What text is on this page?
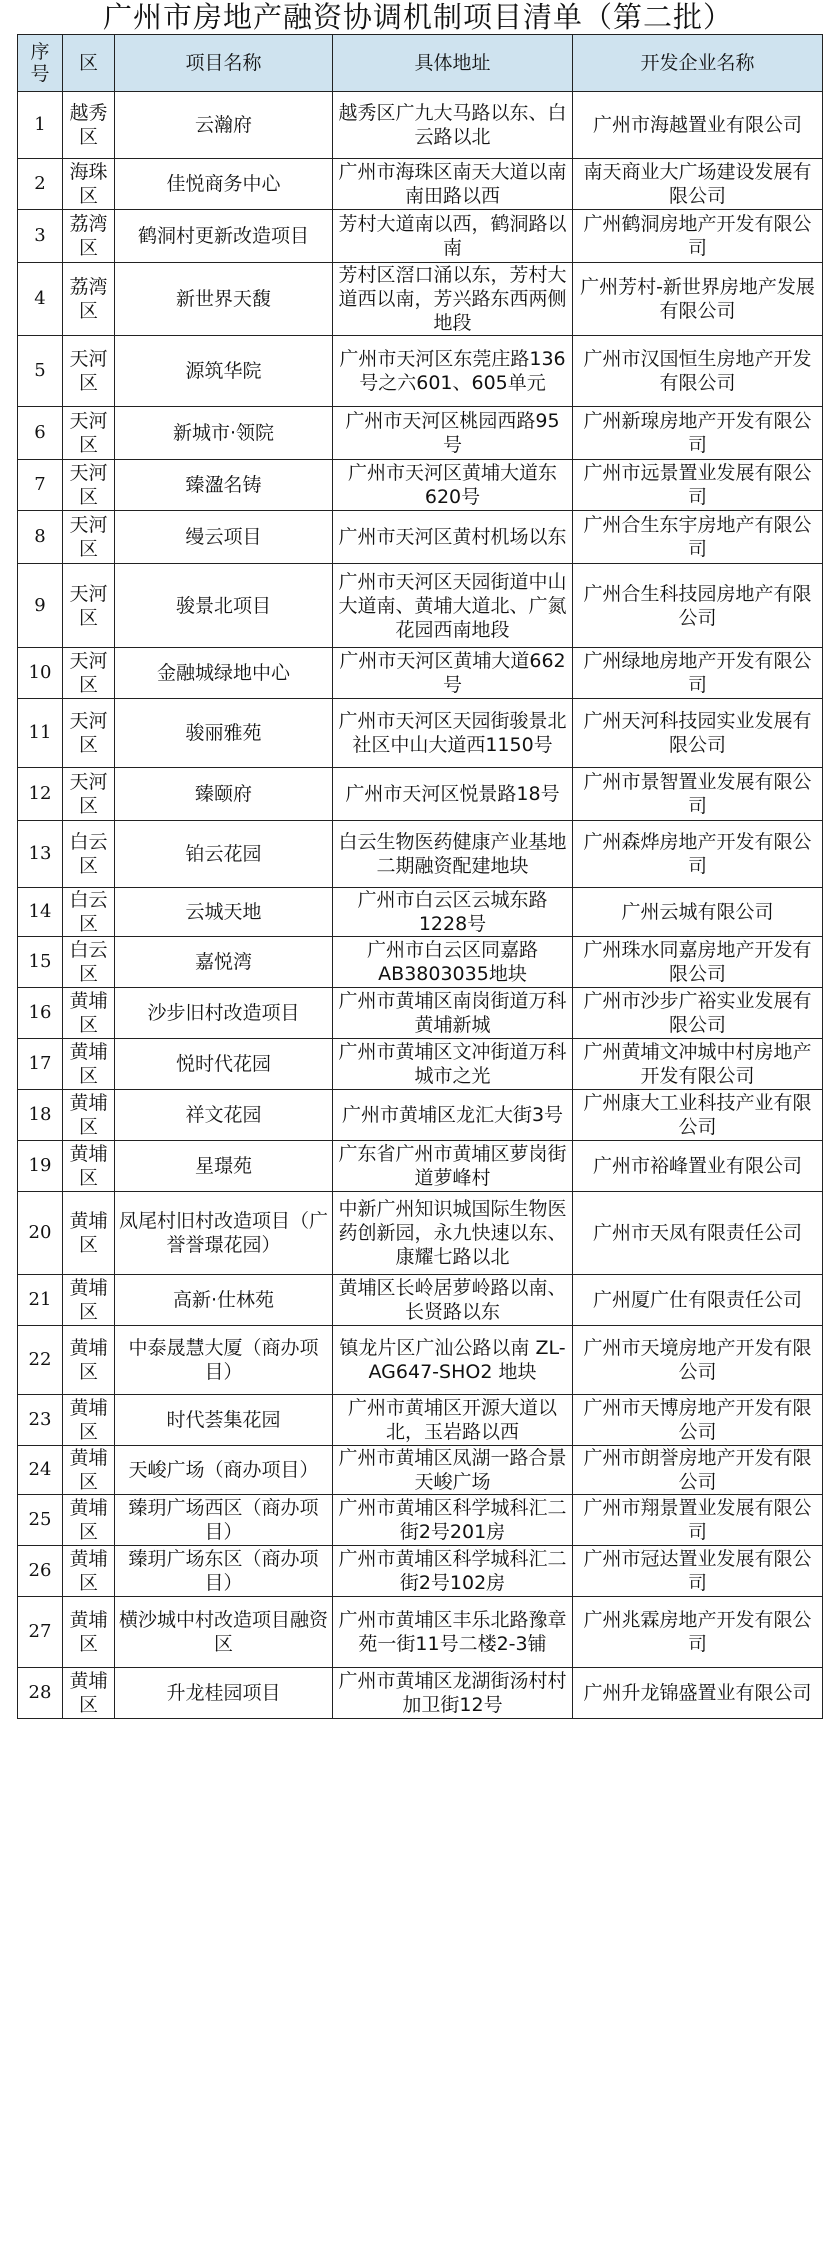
广州市房地产融资协调机制项目清单（第二批）
序号	区	项目名称	具体地址	开发企业名称
1	越秀区	云瀚府	越秀区广九大马路以东、白云路以北	广州市海越置业有限公司
2	海珠区	佳悦商务中心	广州市海珠区南天大道以南南田路以西	南天商业大广场建设发展有限公司
3	荔湾区	鹤洞村更新改造项目	芳村大道南以西，鹤洞路以南	广州鹤洞房地产开发有限公司
4	荔湾区	新世界天馥	芳村区滘口涌以东，芳村大道西以南，芳兴路东西两侧地段	广州芳村-新世界房地产发展有限公司
5	天河区	源筑华院	广州市天河区东莞庄路136号之六601、605单元	广州市汉国恒生房地产开发有限公司
6	天河区	新城市·领院	广州市天河区桃园西路95号	广州新瑔房地产开发有限公司
7	天河区	臻溋名铸	广州市天河区黄埔大道东620号	广州市远景置业发展有限公司
8	天河区	缦云项目	广州市天河区黄村机场以东	广州合生东宇房地产有限公司
9	天河区	骏景北项目	广州市天河区天园街道中山大道南、黄埔大道北、广氮花园西南地段	广州合生科技园房地产有限公司
10	天河区	金融城绿地中心	广州市天河区黄埔大道662号	广州绿地房地产开发有限公司
11	天河区	骏丽雅苑	广州市天河区天园街骏景北社区中山大道西1150号	广州天河科技园实业发展有限公司
12	天河区	臻颐府	广州市天河区悦景路18号	广州市景智置业发展有限公司
13	白云区	铂云花园	白云生物医药健康产业基地二期融资配建地块	广州森烨房地产开发有限公司
14	白云区	云城天地	广州市白云区云城东路1228号	广州云城有限公司
15	白云区	嘉悦湾	广州市白云区同嘉路AB3803035地块	广州珠水同嘉房地产开发有限公司
16	黄埔区	沙步旧村改造项目	广州市黄埔区南岗街道万科黄埔新城	广州市沙步广裕实业发展有限公司
17	黄埔区	悦时代花园	广州市黄埔区文冲街道万科城市之光	广州黄埔文冲城中村房地产开发有限公司
18	黄埔区	祥文花园	广州市黄埔区龙汇大街3号	广州康大工业科技产业有限公司
19	黄埔区	星璟苑	广东省广州市黄埔区萝岗街道萝峰村	广州市裕峰置业有限公司
20	黄埔区	凤尾村旧村改造项目（广誉誉璟花园）	中新广州知识城国际生物医药创新园，永九快速以东、康耀七路以北	广州市天凤有限责任公司
21	黄埔区	高新·仕林苑	黄埔区长岭居萝岭路以南、长贤路以东	广州厦广仕有限责任公司
22	黄埔区	中泰晟慧大厦（商办项目）	镇龙片区广汕公路以南 ZL-AG647-SHO2 地块	广州市天境房地产开发有限公司
23	黄埔区	时代荟集花园	广州市黄埔区开源大道以北，玉岩路以西	广州市天博房地产开发有限公司
24	黄埔区	天峻广场（商办项目）	广州市黄埔区凤湖一路合景天峻广场	广州市朗誉房地产开发有限公司
25	黄埔区	臻玥广场西区（商办项目）	广州市黄埔区科学城科汇二街2号201房	广州市翔景置业发展有限公司
26	黄埔区	臻玥广场东区（商办项目）	广州市黄埔区科学城科汇二街2号102房	广州市冠达置业发展有限公司
27	黄埔区	横沙城中村改造项目融资区	广州市黄埔区丰乐北路豫章苑一街11号二楼2-3铺	广州兆霖房地产开发有限公司
28	黄埔区	升龙桂园项目	广州市黄埔区龙湖街汤村村加卫街12号	广州升龙锦盛置业有限公司
